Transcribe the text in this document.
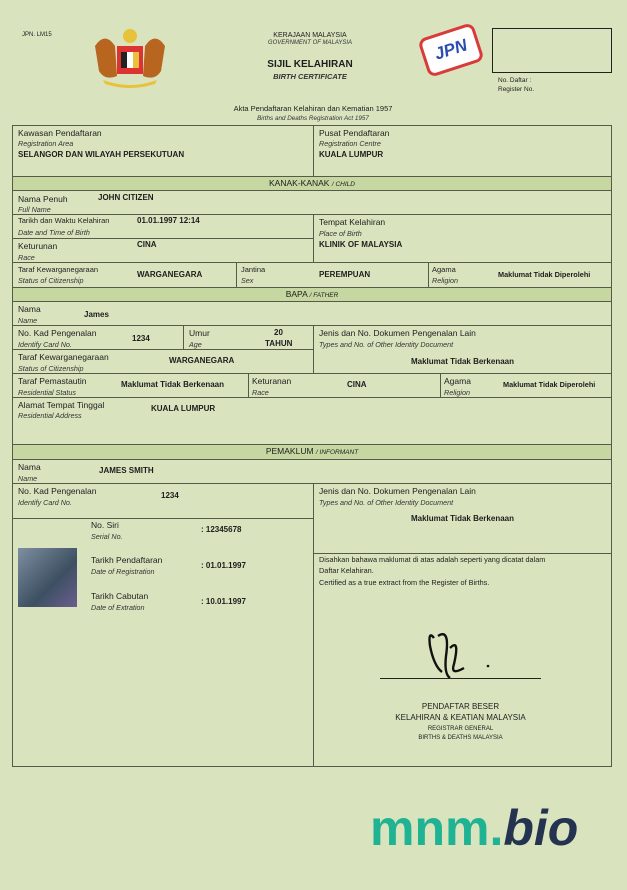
JPN. LM15	KERAJAAN MALAYSIA
GOVERNMENT OF MALAYSIA
SIJIL KELAHIRAN
BIRTH CERTIFICATE
JPN
No. Daftar :
Register No.
Akta Pendaftaran Kelahiran dan Kematian 1957
Births and Deaths Registration Act 1957
KANAK-KANAK / CHILD
BAPA / FATHER
PEMAKLUM / INFORMANT
Kawasan Pendaftaran
Registration Area
SELANGOR DAN WILAYAH PERSEKUTUAN
Pusat Pendaftaran
Registration Centre
KUALA LUMPUR
Nama Penuh
Full Name
JOHN CITIZEN
Tarikh dan Waktu Kelahiran
Date and Time of Birth
01.01.1997 12:14	Tempat Kelahiran
Place of Birth
KLINIK OF MALAYSIA
Keturunan
Race
CINA
Taraf Kewarganegaraan
Status of Citizenship
WARGANEGARA
Jantina
Sex
PEREMPUAN
Agama
Religion
Maklumat Tidak Diperolehi
Nama
Name
James
No. Kad Pengenalan
Identify Card No.
1234
Umur
Age
20
TAHUN
Jenis dan No. Dokumen Pengenalan Lain
Types and No. of Other Identity Document
Maklumat Tidak Berkenaan
Taraf Kewarganegaraan
Status of Citizenship
WARGANEGARA
Taraf Pemastautin
Residential Status
Maklumat Tidak Berkenaan	Keturanan
Race
CINA	Agama
Religion
Maklumat Tidak Diperolehi
Alamat Tempat Tinggal
Residential Address
KUALA LUMPUR
Nama
Name
JAMES SMITH
No. Kad Pengenalan
Identify Card No.
1234	Jenis dan No. Dokumen Pengenalan Lain
Types and No. of Other Identity Document
Maklumat Tidak Berkenaan
No. Siri
Serial No.
: 12345678
Tarikh Pendaftaran
Date of Registration
: 01.01.1997
Tarikh Cabutan
Date of Extration
: 10.01.1997
Disahkan bahawa maklumat di atas adalah seperti yang dicatat dalam
Daftar Kelahiran.
Certified as a true extract from the Register of Births.
PENDAFTAR BESER
KELAHIRAN & KEATIAN MALAYSIA
REGISTRAR GENERAL
BIRTHS & DEATHS MALAYSIA
mnm.bio
